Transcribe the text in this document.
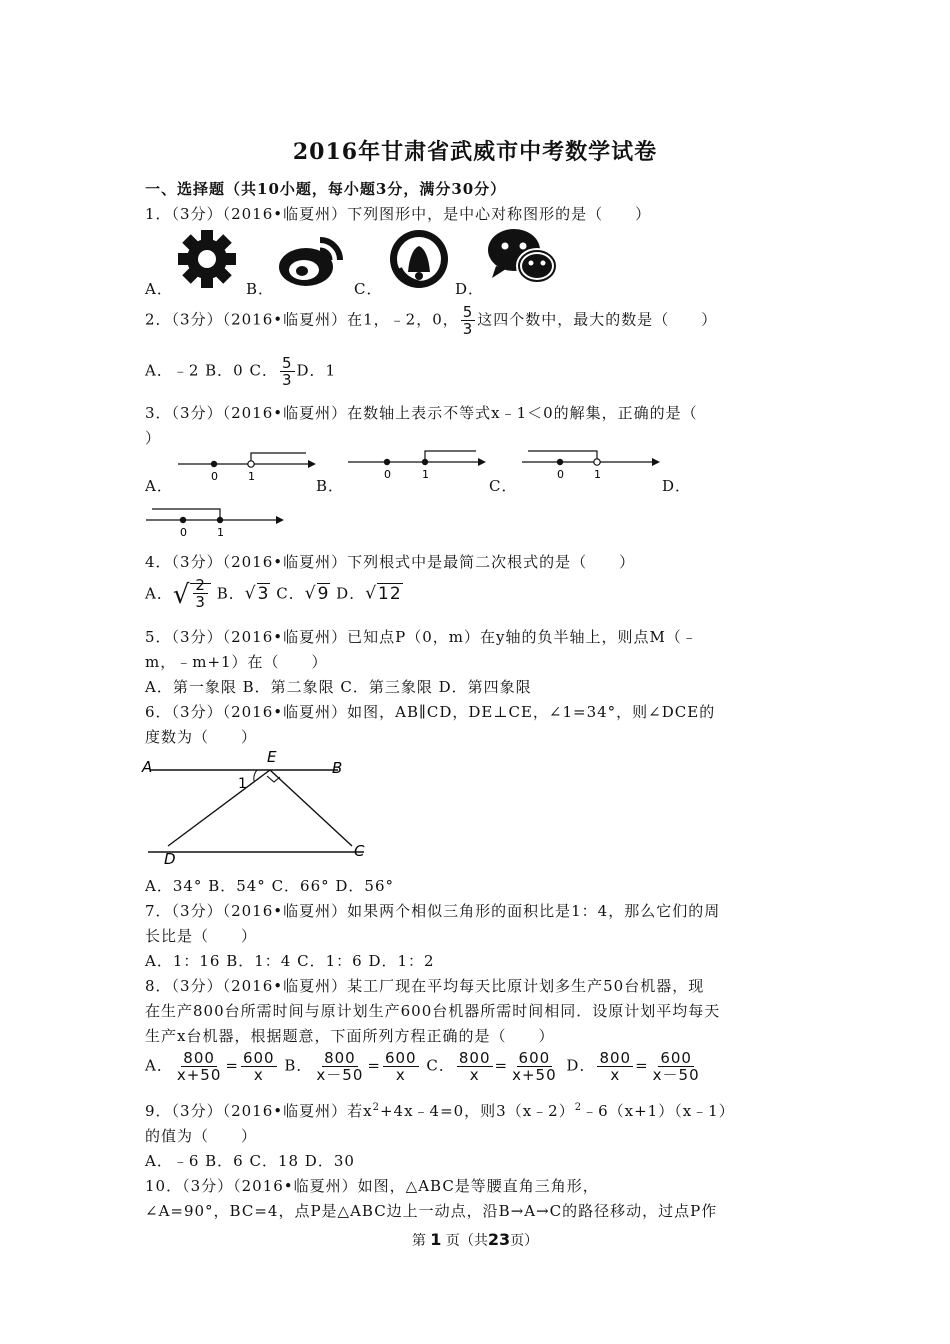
2016年甘肃省武威市中考数学试卷
一、选择题（共10小题，每小题3分，满分30分）
1．（3分）（2016•临夏州）下列图形中，是中心对称图形的是（　　）
A．	B．	C．	D．
2．（3分）（2016•临夏州）在1，﹣2，0， $\frac{5}{3}$ 这四个数中，最大的数是（　　）
A．﹣2 B．0 C． $\frac{5}{3}$ D．1
3．（3分）（2016•临夏州）在数轴上表示不等式x﹣1＜0的解集，正确的是（
）
A．	B．	C．	D．
0	1	0	1	0	1
0	1
4．（3分）（2016•临夏州）下列根式中是最简二次根式的是（　　）
A．√ $\frac{2}{3}$ B．√3 C．√9 D．√12
5．（3分）（2016•临夏州）已知点P（0，m）在y轴的负半轴上，则点M（﹣
m，﹣m+1）在（　　）
A．第一象限 B．第二象限 C．第三象限 D．第四象限
6．（3分）（2016•临夏州）如图，AB∥CD，DE⊥CE，∠1=34°，则∠DCE的
度数为（　　）
A	B
C
D
E
1
A．34° B．54° C．66° D．56°
7．（3分）（2016•临夏州）如果两个相似三角形的面积比是1：4，那么它们的周
长比是（　　）
A．1：16 B．1：4 C．1：6 D．1：2
8．（3分）（2016•临夏州）某工厂现在平均每天比原计划多生产50台机器，现
在生产800台所需时间与原计划生产600台机器所需时间相同．设原计划平均每天
生产x台机器，根据题意，下面所列方程正确的是（　　）
A． $\frac{800}{x+50} = \frac{600}{x}$ B． $\frac{800}{x-50} = \frac{600}{x}$ C． $\frac{800}{x} = \frac{600}{x+50}$ D． $\frac{800}{x} = \frac{600}{x-50}$
9．（3分）（2016•临夏州）若$x^2+4x﹣4=0$，则3（x﹣2）$^2$﹣6（x+1）（x﹣1）
的值为（　　）
A．﹣6 B．6 C．18 D．30
10．（3分）（2016•临夏州）如图，△ABC是等腰直角三角形，
∠A=90°，BC=4，点P是△ABC边上一动点，沿B→A→C的路径移动，过点P作
第 1 页（共23页）
